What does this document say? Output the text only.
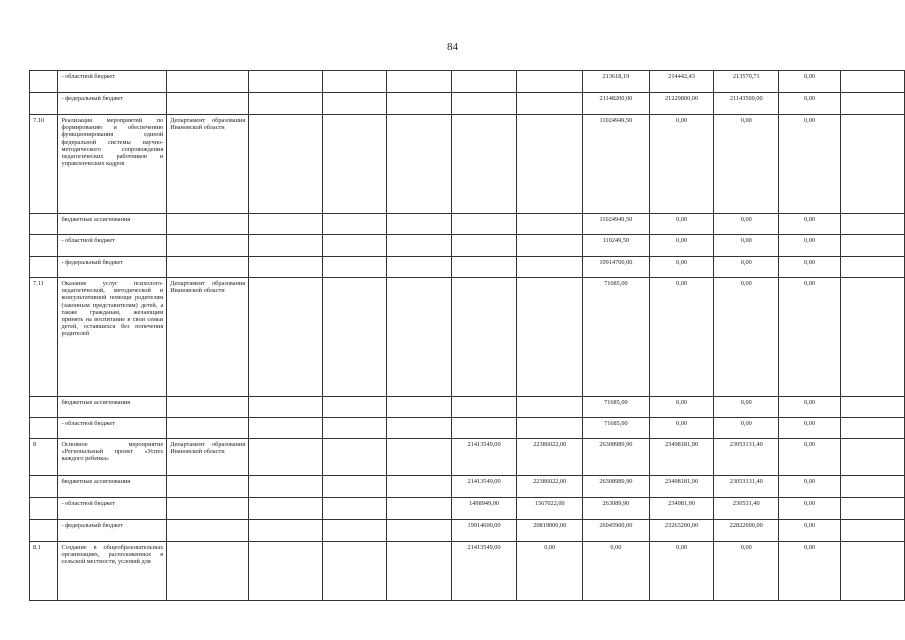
84
	- областной бюджет							213618,19	214442,43	213570,71	0,00	
	- федеральный бюджет							21148200,00	21229800,00	21143500,00	0,00	
7.10	Реализация мероприятий по формированию и обеспечению функционирования единой федеральной системы научно-методического сопровождения педагогических работников и управленческих кадров	Департамент образования Ивановской области						11024949,50	0,00	0,00	0,00	
	бюджетные ассигнования							11024949,50	0,00	0,00	0,00	
	- областной бюджет							110249,50	0,00	0,00	0,00	
	- федеральный бюджет							10914700,00	0,00	0,00	0,00	
7.11	Оказание услуг психолого-педагогической, методической и консультативной помощи родителям (законным представителям) детей, а также гражданам, желающим принять на воспитание в свои семьи детей, оставшихся без попечения родителей	Департамент образования Ивановской области						71685,00	0,00	0,00	0,00	
	бюджетные ассигнования							71685,00	0,00	0,00	0,00	
	- областной бюджет							71685,00	0,00	0,00	0,00	
8	Основное мероприятие «Региональный проект «Успех каждого ребенка»	Департамент образования Ивановской области				21413549,00	22386022,00	26308989,90	23498181,90	23053131,40	0,00	
	бюджетные ассигнования					21413549,00	22386022,00	26308989,90	23498181,90	23053131,40	0,00	
	- областной бюджет					1498949,00	1567022,00	263089,90	234981,90	230531,40	0,00	
	- федеральный бюджет					19914600,00	20819000,00	26045900,00	23263200,00	22822600,00	0,00	
8.1	Создание в общеобразовательных организациях, расположенных в сельской местности, условий для					21413549,00	0,00	0,00	0,00	0,00	0,00	
